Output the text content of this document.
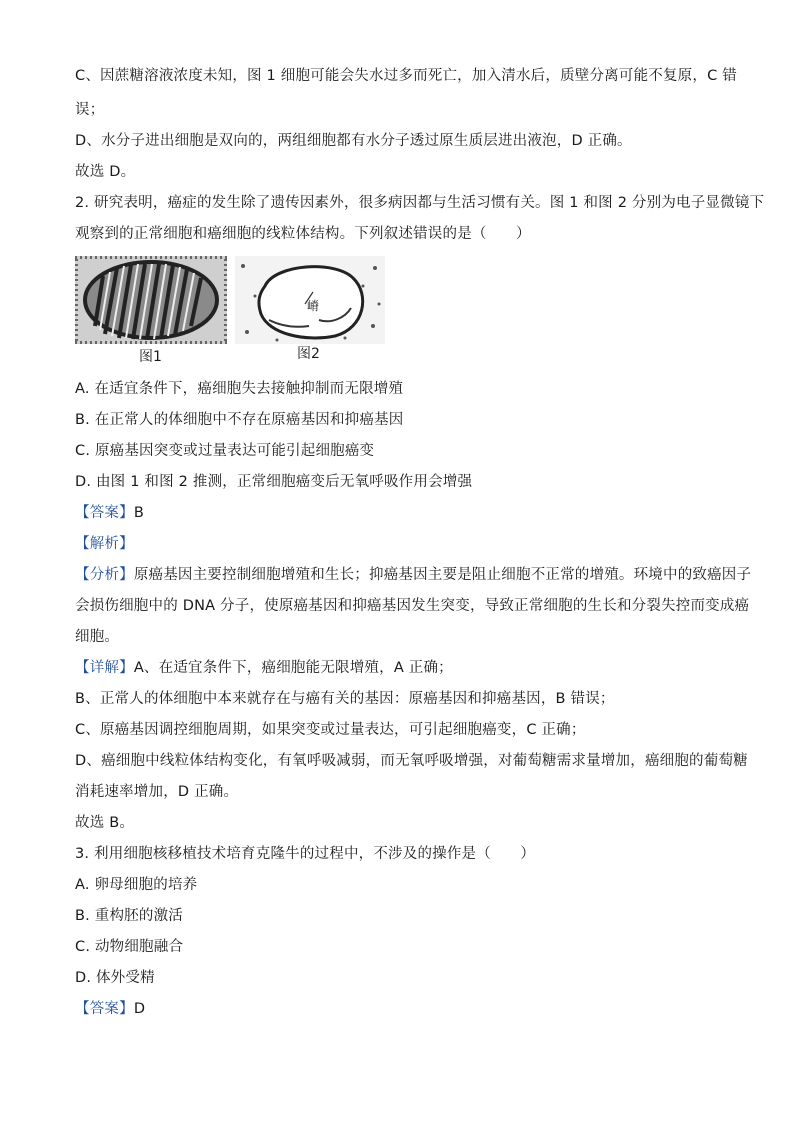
C、因蔗糖溶液浓度未知，图 1 细胞可能会失水过多而死亡，加入清水后，质壁分离可能不复原，C 错
误；
D、水分子进出细胞是双向的，两组细胞都有水分子透过原生质层进出液泡，D 正确。
故选 D。
2. 研究表明，癌症的发生除了遗传因素外，很多病因都与生活习惯有关。图 1 和图 2 分别为电子显微镜下
观察到的正常细胞和癌细胞的线粒体结构。下列叙述错误的是（　　）
嵴
图1	图2
A. 在适宜条件下，癌细胞失去接触抑制而无限增殖
B. 在正常人的体细胞中不存在原癌基因和抑癌基因
C. 原癌基因突变或过量表达可能引起细胞癌变
D. 由图 1 和图 2 推测，正常细胞癌变后无氧呼吸作用会增强
【答案】B
【解析】
【分析】原癌基因主要控制细胞增殖和生长；抑癌基因主要是阻止细胞不正常的增殖。环境中的致癌因子
会损伤细胞中的 DNA 分子，使原癌基因和抑癌基因发生突变，导致正常细胞的生长和分裂失控而变成癌
细胞。
【详解】A、在适宜条件下，癌细胞能无限增殖，A 正确；
B、正常人的体细胞中本来就存在与癌有关的基因：原癌基因和抑癌基因，B 错误；
C、原癌基因调控细胞周期，如果突变或过量表达，可引起细胞癌变，C 正确；
D、癌细胞中线粒体结构变化，有氧呼吸减弱，而无氧呼吸增强，对葡萄糖需求量增加，癌细胞的葡萄糖
消耗速率增加，D 正确。
故选 B。
3. 利用细胞核移植技术培育克隆牛的过程中，不涉及的操作是（　　）
A. 卵母细胞的培养
B. 重构胚的激活
C. 动物细胞融合
D. 体外受精
【答案】D
